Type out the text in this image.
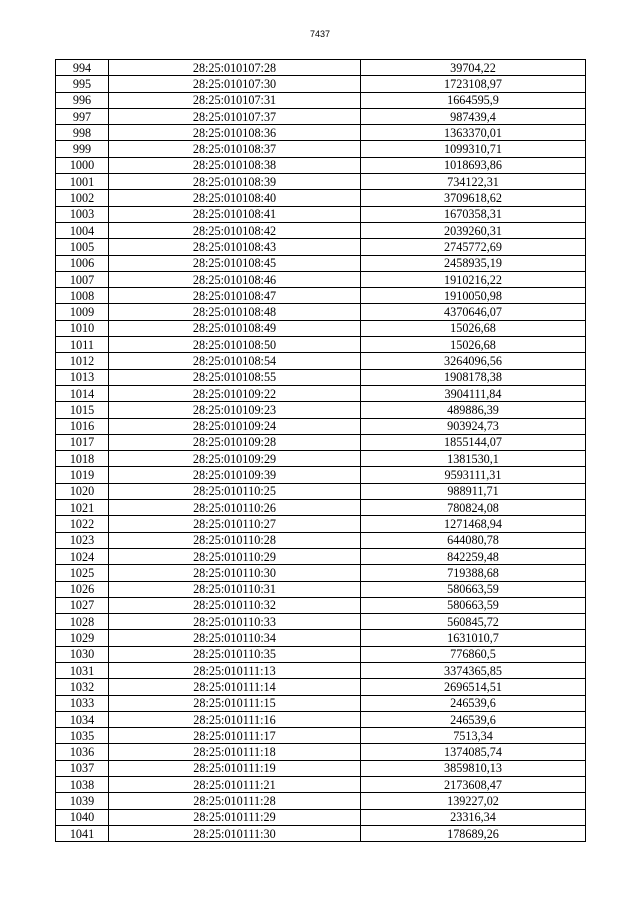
7437
994	28:25:010107:28	39704,22
995	28:25:010107:30	1723108,97
996	28:25:010107:31	1664595,9
997	28:25:010107:37	987439,4
998	28:25:010108:36	1363370,01
999	28:25:010108:37	1099310,71
1000	28:25:010108:38	1018693,86
1001	28:25:010108:39	734122,31
1002	28:25:010108:40	3709618,62
1003	28:25:010108:41	1670358,31
1004	28:25:010108:42	2039260,31
1005	28:25:010108:43	2745772,69
1006	28:25:010108:45	2458935,19
1007	28:25:010108:46	1910216,22
1008	28:25:010108:47	1910050,98
1009	28:25:010108:48	4370646,07
1010	28:25:010108:49	15026,68
1011	28:25:010108:50	15026,68
1012	28:25:010108:54	3264096,56
1013	28:25:010108:55	1908178,38
1014	28:25:010109:22	3904111,84
1015	28:25:010109:23	489886,39
1016	28:25:010109:24	903924,73
1017	28:25:010109:28	1855144,07
1018	28:25:010109:29	1381530,1
1019	28:25:010109:39	9593111,31
1020	28:25:010110:25	988911,71
1021	28:25:010110:26	780824,08
1022	28:25:010110:27	1271468,94
1023	28:25:010110:28	644080,78
1024	28:25:010110:29	842259,48
1025	28:25:010110:30	719388,68
1026	28:25:010110:31	580663,59
1027	28:25:010110:32	580663,59
1028	28:25:010110:33	560845,72
1029	28:25:010110:34	1631010,7
1030	28:25:010110:35	776860,5
1031	28:25:010111:13	3374365,85
1032	28:25:010111:14	2696514,51
1033	28:25:010111:15	246539,6
1034	28:25:010111:16	246539,6
1035	28:25:010111:17	7513,34
1036	28:25:010111:18	1374085,74
1037	28:25:010111:19	3859810,13
1038	28:25:010111:21	2173608,47
1039	28:25:010111:28	139227,02
1040	28:25:010111:29	23316,34
1041	28:25:010111:30	178689,26
